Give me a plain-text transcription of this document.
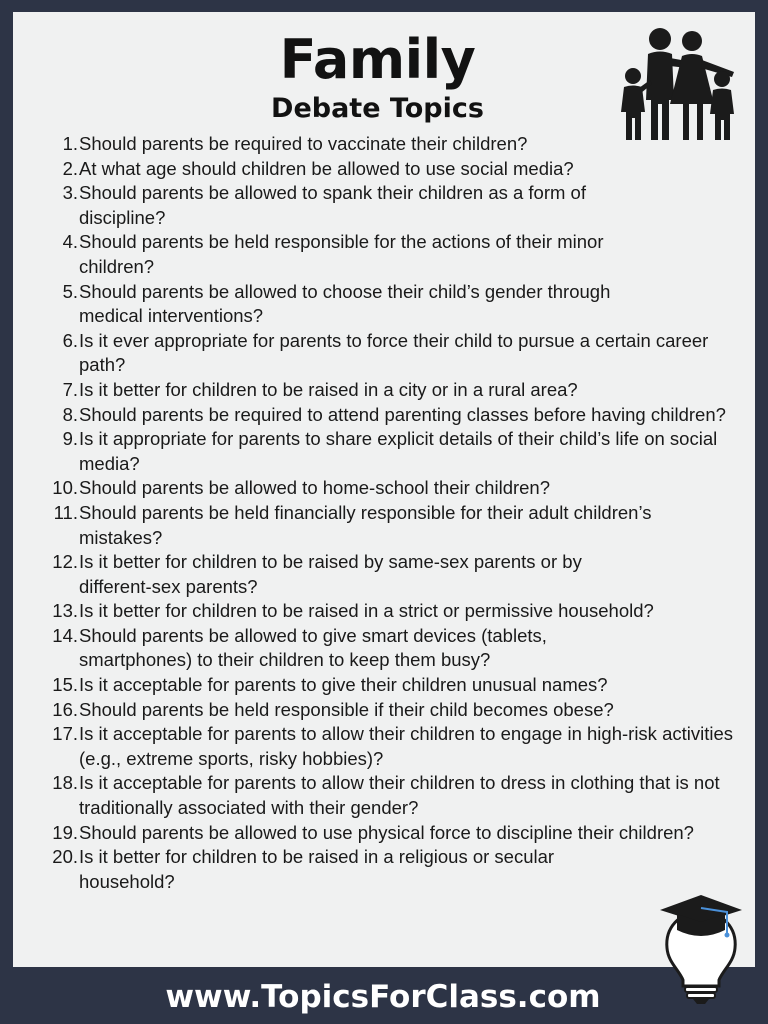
Family
Debate Topics
1. Should parents be required to vaccinate their children?
2. At what age should children be allowed to use social media?
3. Should parents be allowed to spank their children as a form of discipline?
4. Should parents be held responsible for the actions of their minor children?
5. Should parents be allowed to choose their child’s gender through medical interventions?
6. Is it ever appropriate for parents to force their child to pursue a certain career path?
7. Is it better for children to be raised in a city or in a rural area?
8. Should parents be required to attend parenting classes before having children?
9. Is it appropriate for parents to share explicit details of their child’s life on social media?
10. Should parents be allowed to home-school their children?
11. Should parents be held financially responsible for their adult children’s mistakes?
12. Is it better for children to be raised by same-sex parents or by different-sex parents?
13. Is it better for children to be raised in a strict or permissive household?
14. Should parents be allowed to give smart devices (tablets, smartphones) to their children to keep them busy?
15. Is it acceptable for parents to give their children unusual names?
16. Should parents be held responsible if their child becomes obese?
17. Is it acceptable for parents to allow their children to engage in high-risk activities (e.g., extreme sports, risky hobbies)?
18. Is it acceptable for parents to allow their children to dress in clothing that is not traditionally associated with their gender?
19. Should parents be allowed to use physical force to discipline their children?
20. Is it better for children to be raised in a religious or secular household?
www.TopicsForClass.com
